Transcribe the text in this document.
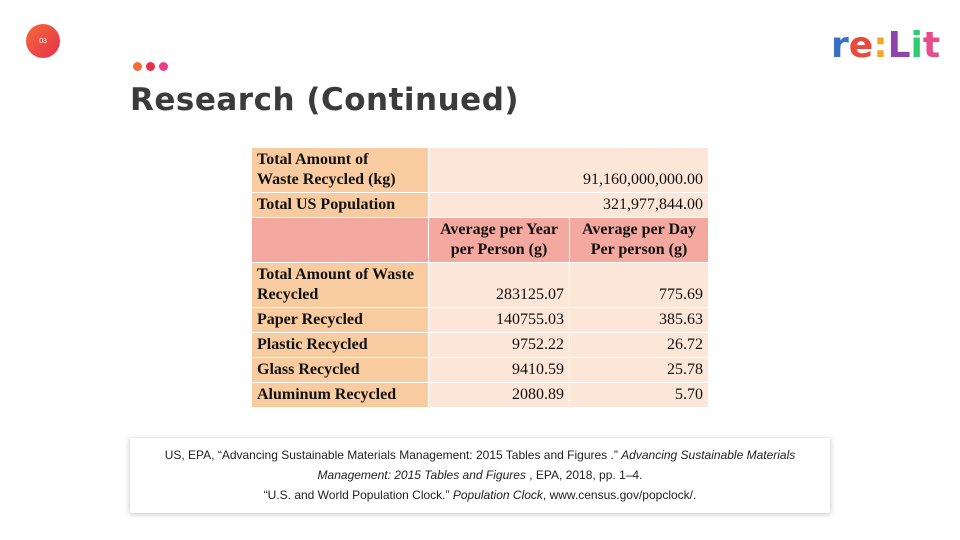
03
Research (Continued)
r e : L i t
Total Amount of
Waste Recycled (kg)	91,160,000,000.00	
Total US Population	321,977,844.00	
	Average per Year per Person (g)	Average per Day Per person (g)
Total Amount of Waste Recycled	283125.07	775.69
Paper Recycled	140755.03	385.63
Plastic Recycled	9752.22	26.72
Glass Recycled	9410.59	25.78
Aluminum Recycled	2080.89	5.70

US, EPA, “Advancing Sustainable Materials Management: 2015 Tables and Figures .” Advancing Sustainable Materials
Management: 2015 Tables and Figures , EPA, 2018, pp. 1–4.

“U.S. and World Population Clock.” Population Clock, www.census.gov/popclock/.
